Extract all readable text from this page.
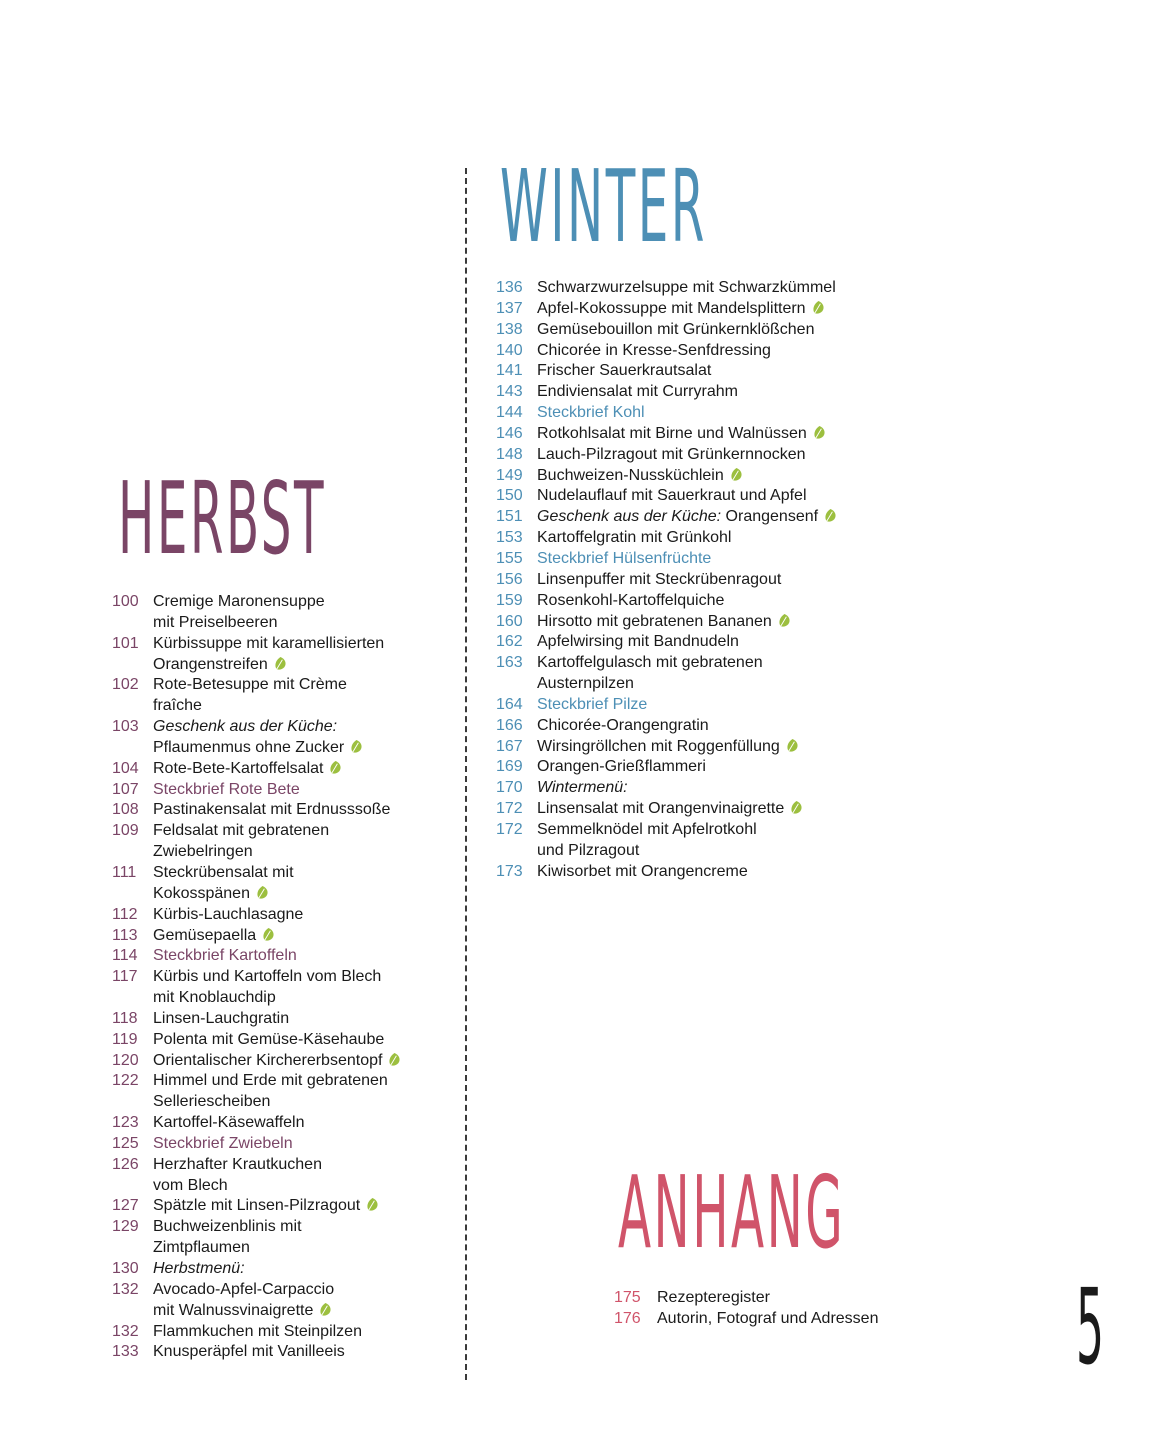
HERBST
WINTER
ANHANG
100 Cremige Maronensuppe
mit Preiselbeeren
101 Kürbissuppe mit karamellisierten
Orangenstreifen
102 Rote-Betesuppe mit Crème
fraîche
103 Geschenk aus der Küche:
Pflaumenmus ohne Zucker
104 Rote-Bete-Kartoffelsalat
107 Steckbrief Rote Bete
108 Pastinakensalat mit Erdnusssoße
109 Feldsalat mit gebratenen
Zwiebelringen
111	Steckrübensalat mit
Kokosspänen
112 Kürbis-Lauchlasagne
113 Gemüsepaella
114 Steckbrief Kartoffeln
117 Kürbis und Kartoffeln vom Blech
mit Knoblauchdip
118 Linsen-Lauchgratin
119 Polenta mit Gemüse-Käsehaube
120 Orientalischer Kirchererbsentopf
122 Himmel und Erde mit gebratenen
Selleriescheiben
123 Kartoffel-Käsewaffeln
125 Steckbrief Zwiebeln
126 Herzhafter Krautkuchen
vom Blech
127 Spätzle mit Linsen-Pilzragout
129 Buchweizenblinis mit
Zimtpflaumen
130 Herbstmenü:
132 Avocado-Apfel-Carpaccio
mit Walnussvinaigrette
132 Flammkuchen mit Steinpilzen
133 Knusperäpfel mit Vanilleeis
136 Schwarzwurzelsuppe mit Schwarzkümmel
137 Apfel-Kokossuppe mit Mandelsplittern
138 Gemüsebouillon mit Grünkernklößchen
140 Chicorée in Kresse-Senfdressing
141 Frischer Sauerkrautsalat
143 Endiviensalat mit Curryrahm
144 Steckbrief Kohl
146 Rotkohlsalat mit Birne und Walnüssen
148 Lauch-Pilzragout mit Grünkernnocken
149 Buchweizen-Nussküchlein
150 Nudelauflauf mit Sauerkraut und Apfel
151 Geschenk aus der Küche: Orangensenf
153 Kartoffelgratin mit Grünkohl
155 Steckbrief Hülsenfrüchte
156 Linsenpuffer mit Steckrübenragout
159 Rosenkohl-Kartoffelquiche
160 Hirsotto mit gebratenen Bananen
162 Apfelwirsing mit Bandnudeln
163 Kartoffelgulasch mit gebratenen
Austernpilzen
164 Steckbrief Pilze
166 Chicorée-Orangengratin
167 Wirsingröllchen mit Roggenfüllung
169 Orangen-Grießflammeri
170 Wintermenü:
172 Linsensalat mit Orangenvinaigrette
172 Semmelknödel mit Apfelrotkohl
und Pilzragout
173 Kiwisorbet mit Orangencreme
175	Rezepteregister
176	Autorin, Fotograf und Adressen	5
